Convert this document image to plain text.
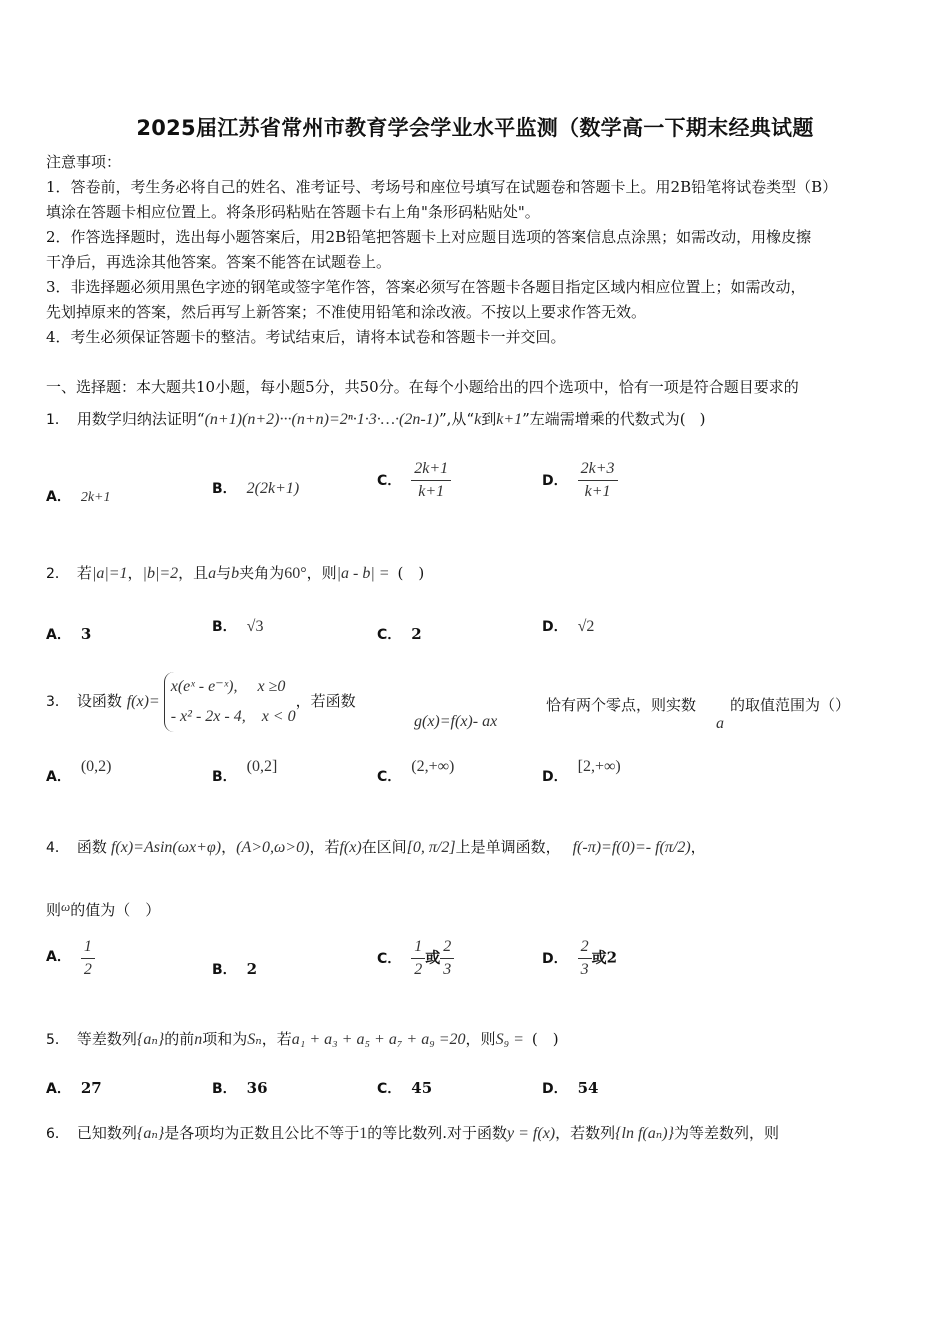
2025届江苏省常州市教育学会学业水平监测（数学高一下期末经典试题
注意事项：
1．答卷前，考生务必将自己的姓名、准考证号、考场号和座位号填写在试题卷和答题卡上。用2B铅笔将试卷类型（B）
填涂在答题卡相应位置上。将条形码粘贴在答题卡右上角"条形码粘贴处"。
2．作答选择题时，选出每小题答案后，用2B铅笔把答题卡上对应题目选项的答案信息点涂黑；如需改动，用橡皮擦
干净后，再选涂其他答案。答案不能答在试题卷上。
3．非选择题必须用黑色字迹的钢笔或签字笔作答，答案必须写在答题卡各题目指定区域内相应位置上；如需改动，
先划掉原来的答案，然后再写上新答案；不准使用铅笔和涂改液。不按以上要求作答无效。
4．考生必须保证答题卡的整洁。考试结束后，请将本试卷和答题卡一并交回。
一、选择题：本大题共10小题，每小题5分，共50分。在每个小题给出的四个选项中，恰有一项是符合题目要求的
1． 用数学归纳法证明“(n+1)(n+2)···(n+n)=2ⁿ·1·3·…·(2n-1)”,从“k到k+1”左端需增乘的代数式为( )
A． 2k+1
B． 2(2k+1)	C． $\frac{2k+1}{k+1}$	D． $\frac{2k+3}{k+1}$
2． 若|a|=1，|b|=2，且a与b夹角为60°，则|a - b| = (　)
A． 3	B． √3	C． 2	D． √2
3． 设函数 f(x)=
x(eˣ - e⁻ˣ),　 x ≥0
- x² - 2x - 4,　x < 0
，若函数
g(x)=f(x)- ax
恰有两个零点，则实数
a
的取值范围为（）
A．(0,2)
B．(0,2]
C．(2,+∞)
D．[2,+∞)
4． 函数 f(x)=Asin(ωx+φ)，(A>0,ω>0)，若f(x)在区间[0, π/2]上是单调函数， f(-π)=f(0)=- f(π/2)，
则ω的值为（　）
A． $\frac{1}{2}$	B． 2
C． $\frac{1}{2}$ 或 $\frac{2}{3}$	D． $\frac{2}{3}$ 或2
5． 等差数列{aₙ}的前n项和为Sₙ，若a₁ + a₃ + a₅ + a₇ + a₉ =20，则S₉ = (　)
A． 27	B． 36	C． 45	D． 54
6． 已知数列{aₙ}是各项均为正数且公比不等于1的等比数列.对于函数y = f(x)，若数列{ln f(aₙ)}为等差数列，则
